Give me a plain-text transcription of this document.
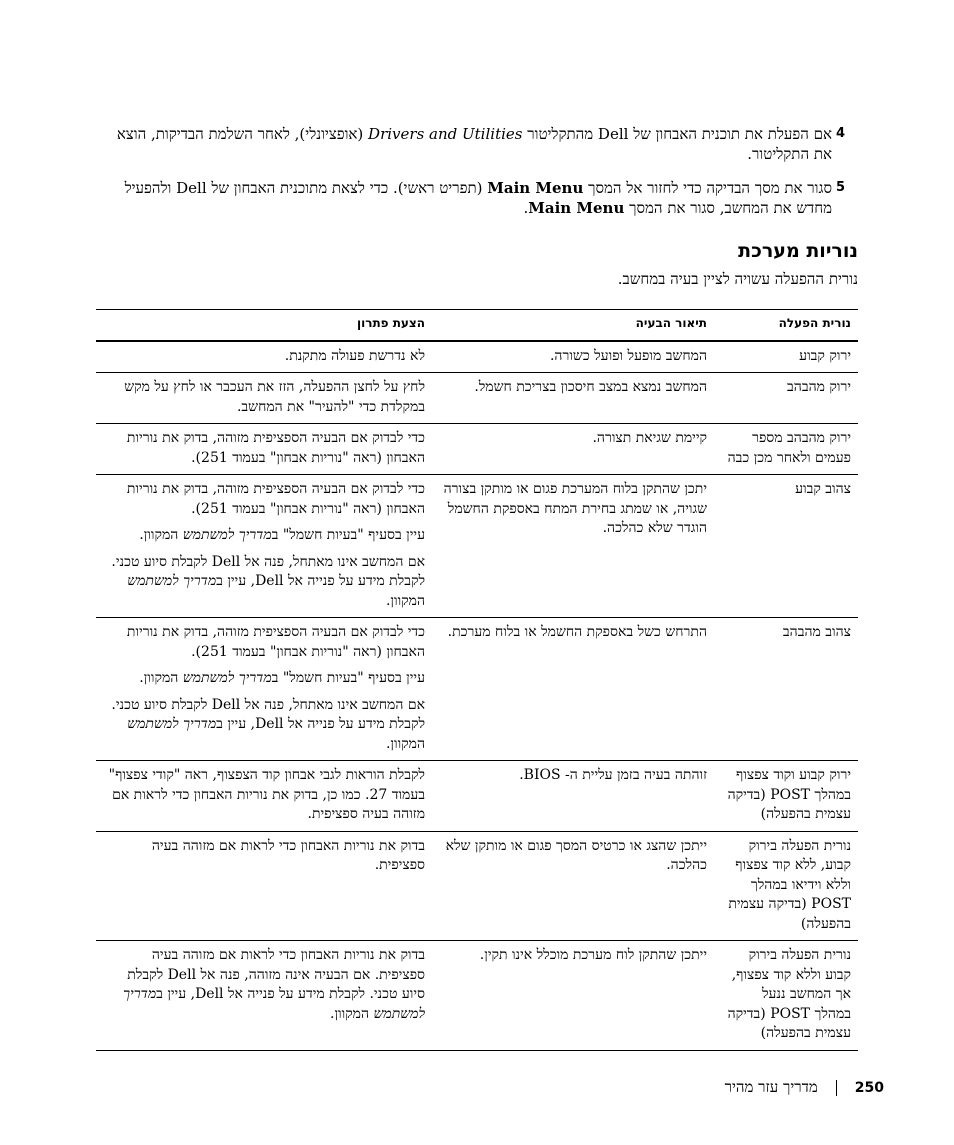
4
אם הפעלת את תוכנית האבחון של Dell מהתקליטור Drivers and Utilities (אופציונלי), לאחר השלמת הבדיקות, הוצא את התקליטור.
5
סגור את מסך הבדיקה כדי לחזור אל המסך Main Menu (תפריט ראשי). כדי לצאת מתוכנית האבחון של Dell ולהפעיל מחדש את המחשב, סגור את המסך Main Menu.
נוריות מערכת
נורית ההפעלה עשויה לציין בעיה במחשב.
נורית הפעלה
תיאור הבעיה
הצעת פתרון
ירוק קבוע
המחשב מופעל ופועל כשורה.
לא נדרשת פעולה מתקנת.
ירוק מהבהב
המחשב נמצא במצב חיסכון בצריכת חשמל.
לחץ על לחצן ההפעלה, הזז את העכבר או לחץ על מקש במקלדת כדי "להעיר" את המחשב.
ירוק מהבהב מספר פעמים ולאחר מכן כבה
קיימת שגיאת תצורה.
כדי לבדוק אם הבעיה הספציפית מזוהה, בדוק את נוריות האבחון (ראה "נוריות אבחון" בעמוד 251).
צהוב קבוע
יתכן שהתקן בלוח המערכת פגום או מותקן בצורה שגויה, או שמתג בחירת המתח באספקת החשמל הוגדר שלא כהלכה.
כדי לבדוק אם הבעיה הספציפית מזוהה, בדוק את נוריות האבחון (ראה "נוריות אבחון" בעמוד 251).
עיין בסעיף "בעיות חשמל" במדריך למשתמש המקוון.
אם המחשב אינו מאתחל, פנה אל Dell לקבלת סיוע טכני. לקבלת מידע על פנייה אל Dell, עיין במדריך למשתמש המקוון.
צהוב מהבהב
התרחש כשל באספקת החשמל או בלוח מערכת.
כדי לבדוק אם הבעיה הספציפית מזוהה, בדוק את נוריות האבחון (ראה "נוריות אבחון" בעמוד 251).
עיין בסעיף "בעיות חשמל" במדריך למשתמש המקוון.
אם המחשב אינו מאתחל, פנה אל Dell לקבלת סיוע טכני. לקבלת מידע על פנייה אל Dell, עיין במדריך למשתמש המקוון.
ירוק קבוע וקוד צפצוף במהלך POST (בדיקה עצמית בהפעלה)
זוהתה בעיה בזמן עליית ה- BIOS.
לקבלת הוראות לגבי אבחון קוד הצפצוף, ראה "קודי צפצוף" בעמוד 27. כמו כן, בדוק את נוריות האבחון כדי לראות אם מזוהה בעיה ספציפית.
נורית הפעלה בירוק קבוע, ללא קוד צפצוף וללא וידיאו במהלך POST (בדיקה עצמית בהפעלה)
ייתכן שהצג או כרטיס המסך פגום או מותקן שלא כהלכה.
בדוק את נוריות האבחון כדי לראות אם מזוהה בעיה ספציפית.
נורית הפעלה בירוק קבוע וללא קוד צפצוף, אך המחשב ננעל במהלך POST (בדיקה עצמית בהפעלה)
ייתכן שהתקן לוח מערכת מוכלל אינו תקין.
בדוק את נוריות האבחון כדי לראות אם מזוהה בעיה ספציפית. אם הבעיה אינה מזוהה, פנה אל Dell לקבלת סיוע טכני. לקבלת מידע על פנייה אל Dell, עיין במדריך למשתמש המקוון.
250
מדריך עזר מהיר
